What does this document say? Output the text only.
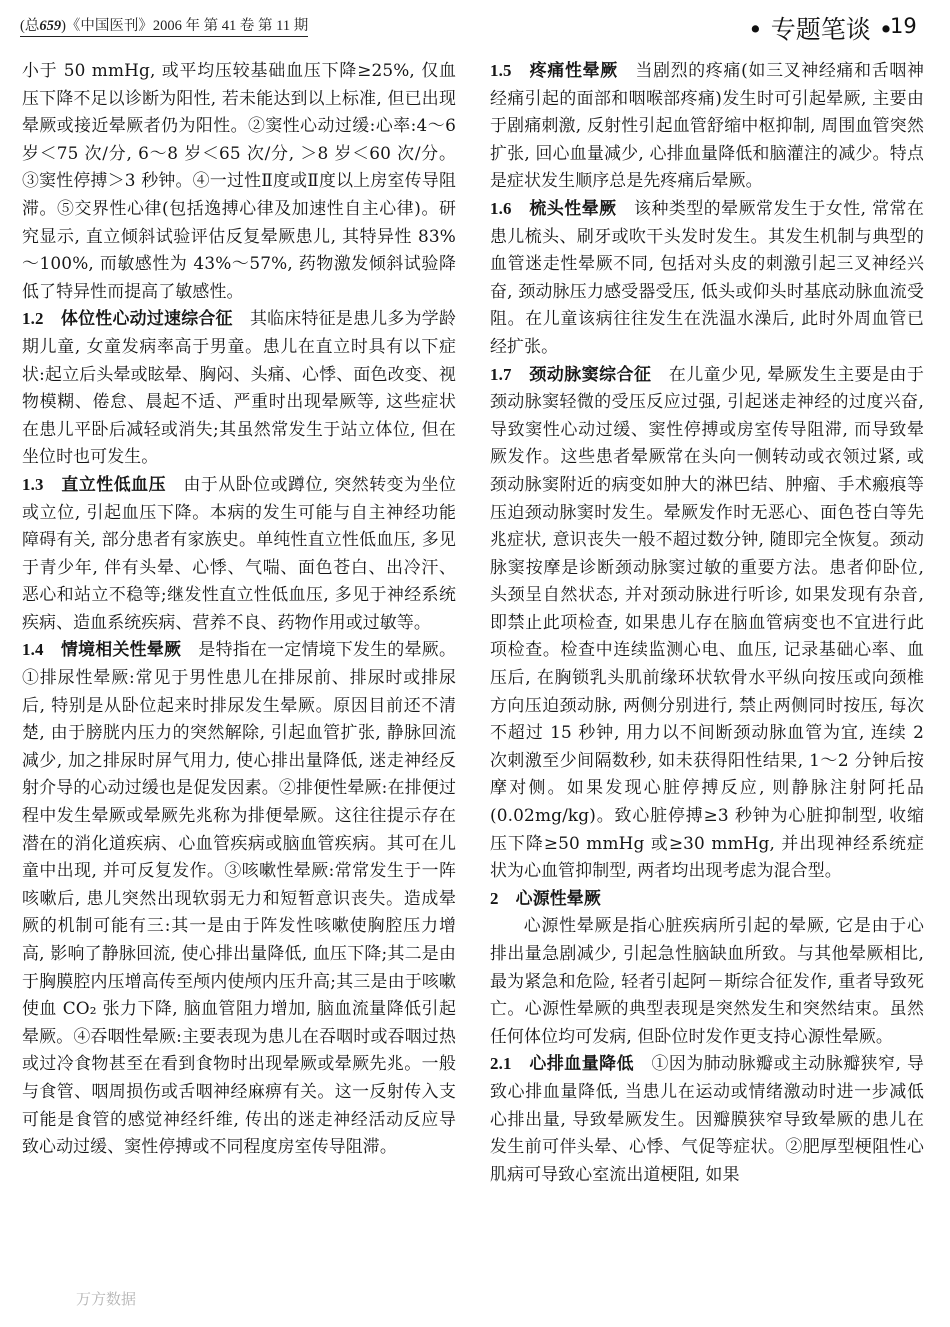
(总659)《中国医刊》2006 年 第 41 卷 第 11 期	• 专题笔谈 •
19

小于 50 mmHg, 或平均压较基础血压下降≥25%, 仅血压下降不足以诊断为阳性, 若未能达到以上标准, 但已出现晕厥或接近晕厥者仍为阳性。②窦性心动过缓:心率:4～6 岁＜75 次/分, 6～8 岁＜65 次/分, ＞8 岁＜60 次/分。③窦性停搏＞3 秒钟。④一过性Ⅱ度或Ⅱ度以上房室传导阻滞。⑤交界性心律(包括逸搏心律及加速性自主心律)。研究显示, 直立倾斜试验评估反复晕厥患儿, 其特异性 83%～100%, 而敏感性为 43%～57%, 药物激发倾斜试验降低了特异性而提高了敏感性。

1.2　 体位性心动过速综合征　 其临床特征是患儿多为学龄期儿童, 女童发病率高于男童。患儿在直立时具有以下症状:起立后头晕或眩晕、胸闷、头痛、心悸、面色改变、视物模糊、倦怠、晨起不适、严重时出现晕厥等, 这些症状在患儿平卧后减轻或消失;其虽然常发生于站立体位, 但在坐位时也可发生。

1.3　 直立性低血压　 由于从卧位或蹲位, 突然转变为坐位或立位, 引起血压下降。本病的发生可能与自主神经功能障碍有关, 部分患者有家族史。单纯性直立性低血压, 多见于青少年, 伴有头晕、心悸、气喘、面色苍白、出冷汗、恶心和站立不稳等;继发性直立性低血压, 多见于神经系统疾病、造血系统疾病、营养不良、药物作用或过敏等。

1.4　 情境相关性晕厥　 是特指在一定情境下发生的晕厥。①排尿性晕厥:常见于男性患儿在排尿前、排尿时或排尿后, 特别是从卧位起来时排尿发生晕厥。原因目前还不清楚, 由于膀胱内压力的突然解除, 引起血管扩张, 静脉回流减少, 加之排尿时屏气用力, 使心排出量降低, 迷走神经反射介导的心动过缓也是促发因素。②排便性晕厥:在排便过程中发生晕厥或晕厥先兆称为排便晕厥。这往往提示存在潜在的消化道疾病、心血管疾病或脑血管疾病。其可在儿童中出现, 并可反复发作。③咳嗽性晕厥:常常发生于一阵咳嗽后, 患儿突然出现软弱无力和短暂意识丧失。造成晕厥的机制可能有三:其一是由于阵发性咳嗽使胸腔压力增高, 影响了静脉回流, 使心排出量降低, 血压下降;其二是由于胸膜腔内压增高传至颅内使颅内压升高;其三是由于咳嗽使血 CO₂ 张力下降, 脑血管阻力增加, 脑血流量降低引起晕厥。④吞咽性晕厥:主要表现为患儿在吞咽时或吞咽过热或过冷食物甚至在看到食物时出现晕厥或晕厥先兆。一般与食管、咽周损伤或舌咽神经麻痹有关。这一反射传入支可能是食管的感觉神经纤维, 传出的迷走神经活动反应导致心动过缓、窦性停搏或不同程度房室传导阻滞。

1.5　 疼痛性晕厥　 当剧烈的疼痛(如三叉神经痛和舌咽神经痛引起的面部和咽喉部疼痛)发生时可引起晕厥, 主要由于剧痛刺激, 反射性引起血管舒缩中枢抑制, 周围血管突然扩张, 回心血量减少, 心排血量降低和脑灌注的减少。特点是症状发生顺序总是先疼痛后晕厥。

1.6　 梳头性晕厥　 该种类型的晕厥常发生于女性, 常常在患儿梳头、刷牙或吹干头发时发生。其发生机制与典型的血管迷走性晕厥不同, 包括对头皮的刺激引起三叉神经兴奋, 颈动脉压力感受器受压, 低头或仰头时基底动脉血流受阻。在儿童该病往往发生在洗温水澡后, 此时外周血管已经扩张。

1.7　 颈动脉窦综合征　 在儿童少见, 晕厥发生主要是由于颈动脉窦轻微的受压反应过强, 引起迷走神经的过度兴奋, 导致窦性心动过缓、窦性停搏或房室传导阻滞, 而导致晕厥发作。这些患者晕厥常在头向一侧转动或衣领过紧, 或颈动脉窦附近的病变如肿大的淋巴结、肿瘤、手术瘢痕等压迫颈动脉窦时发生。晕厥发作时无恶心、面色苍白等先兆症状, 意识丧失一般不超过数分钟, 随即完全恢复。颈动脉窦按摩是诊断颈动脉窦过敏的重要方法。患者仰卧位, 头颈呈自然状态, 并对颈动脉进行听诊, 如果发现有杂音, 即禁止此项检查, 如果患儿存在脑血管病变也不宜进行此项检查。检查中连续监测心电、血压, 记录基础心率、血压后, 在胸锁乳头肌前缘环状软骨水平纵向按压或向颈椎方向压迫颈动脉, 两侧分别进行, 禁止两侧同时按压, 每次不超过 15 秒钟, 用力以不间断颈动脉血管为宜, 连续 2 次刺激至少间隔数秒, 如未获得阳性结果, 1～2 分钟后按摩对侧。如果发现心脏停搏反应, 则静脉注射阿托品(0.02mg/kg)。致心脏停搏≥3 秒钟为心脏抑制型, 收缩压下降≥50 mmHg 或≥30 mmHg, 并出现神经系统症状为心血管抑制型, 两者均出现考虑为混合型。

2　 心源性晕厥

心源性晕厥是指心脏疾病所引起的晕厥, 它是由于心排出量急剧减少, 引起急性脑缺血所致。与其他晕厥相比, 最为紧急和危险, 轻者引起阿－斯综合征发作, 重者导致死亡。心源性晕厥的典型表现是突然发生和突然结束。虽然任何体位均可发病, 但卧位时发作更支持心源性晕厥。

2.1　 心排血量降低　 ①因为肺动脉瓣或主动脉瓣狭窄, 导致心排血量降低, 当患儿在运动或情绪激动时进一步减低心排出量, 导致晕厥发生。因瓣膜狭窄导致晕厥的患儿在发生前可伴头晕、心悸、气促等症状。②肥厚型梗阻性心肌病可导致心室流出道梗阻, 如果

万方数据
